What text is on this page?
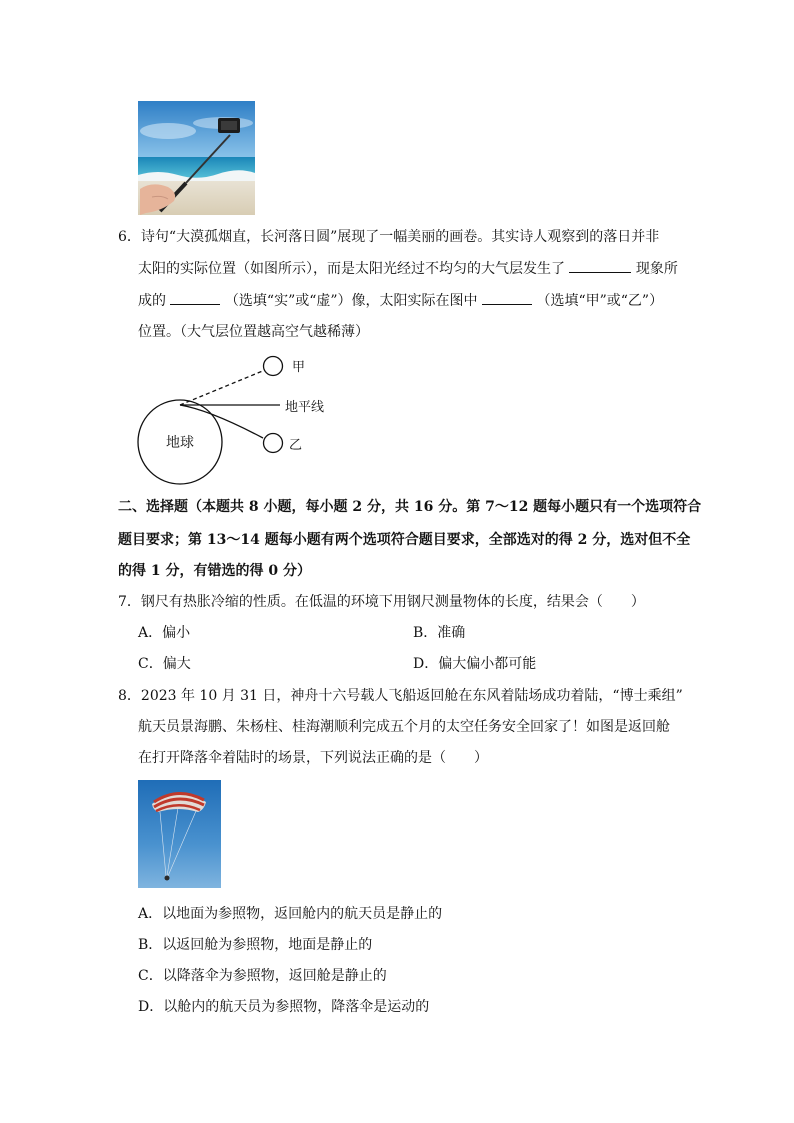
6．诗句“大漠孤烟直，长河落日圆”展现了一幅美丽的画卷。其实诗人观察到的落日并非
太阳的实际位置（如图所示），而是太阳光经过不均匀的大气层发生了	现象所
成的	（选填“实”或“虚”）像，太阳实际在图中	（选填“甲”或“乙”）
位置。（大气层位置越高空气越稀薄）
地球
甲
地平线
乙
二、选择题（本题共 8 小题，每小题 2 分，共 16 分。第 7～12 题每小题只有一个选项符合
题目要求；第 13～14 题每小题有两个选项符合题目要求，全部选对的得 2 分，选对但不全
的得 1 分，有错选的得 0 分）
7．钢尺有热胀冷缩的性质。在低温的环境下用钢尺测量物体的长度，结果会（　　）
A．偏小	B．准确
C．偏大	D．偏大偏小都可能
8．2023 年 10 月 31 日，神舟十六号载人飞船返回舱在东风着陆场成功着陆，“博士乘组”
航天员景海鹏、朱杨柱、桂海潮顺利完成五个月的太空任务安全回家了！如图是返回舱
在打开降落伞着陆时的场景，下列说法正确的是（　　）
A．以地面为参照物，返回舱内的航天员是静止的
B．以返回舱为参照物，地面是静止的
C．以降落伞为参照物，返回舱是静止的
D．以舱内的航天员为参照物，降落伞是运动的
